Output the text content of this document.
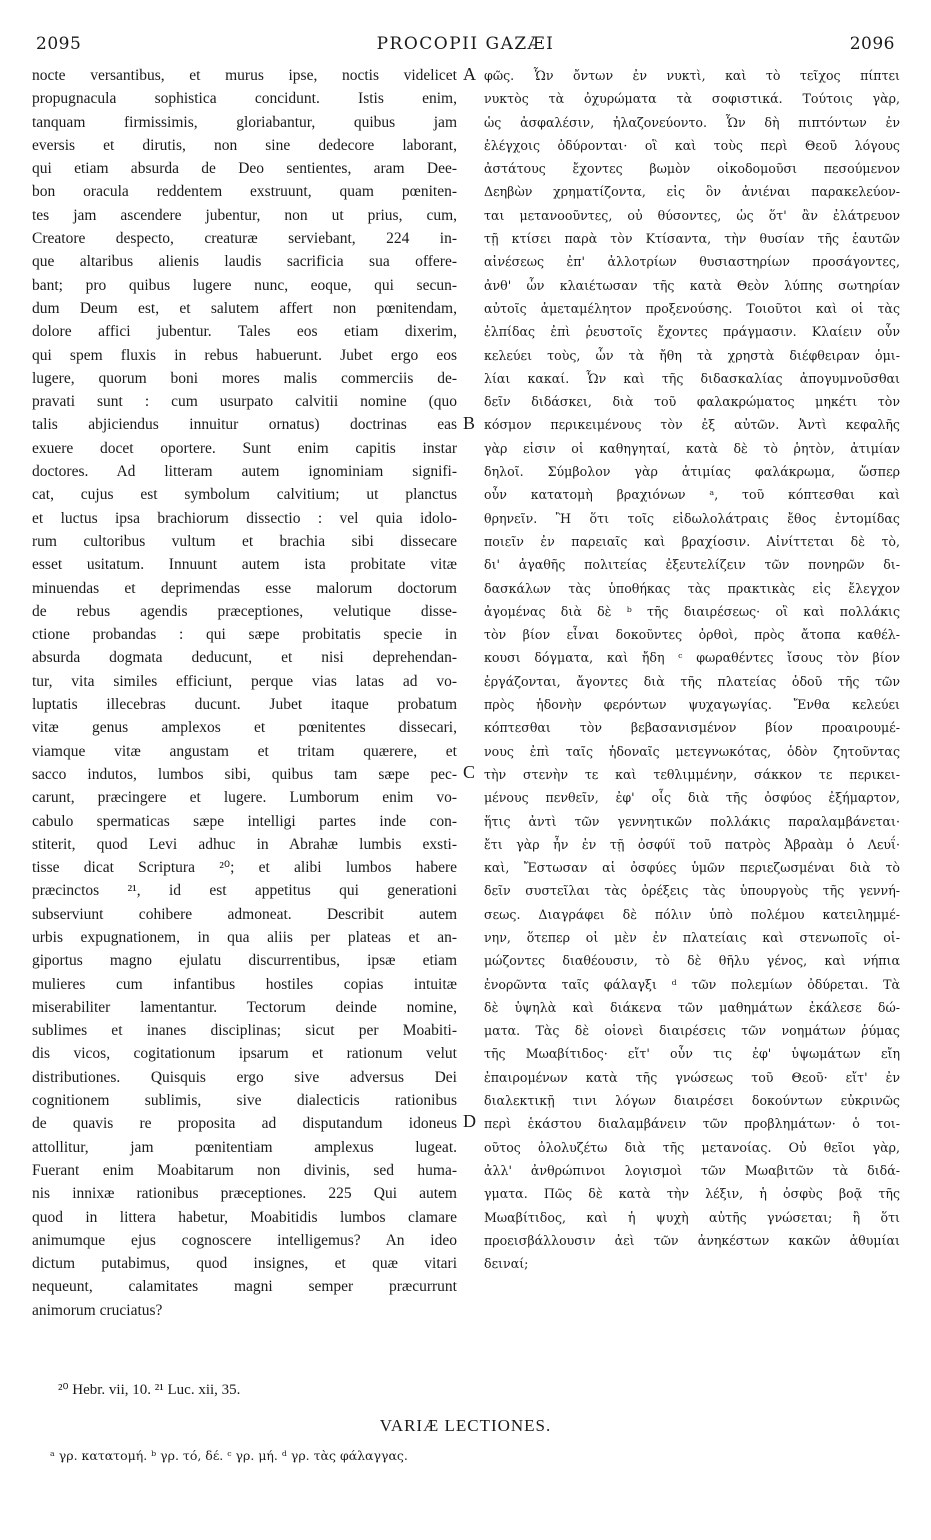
2095	PROCOPII GAZÆI	2096
nocte versantibus, et murus ipse, noctis videlicet
propugnacula sophistica concidunt. Istis enim,
tanquam firmissimis, gloriabantur, quibus jam
eversis et dirutis, non sine dedecore laborant,
qui etiam absurda de Deo sentientes, aram Dee-
bon oracula reddentem exstruunt, quam pœniten-
tes jam ascendere jubentur, non ut prius, cum,
Creatore despecto, creaturæ serviebant, 224 in-
que altaribus alienis laudis sacrificia sua offere-
bant; pro quibus lugere nunc, eoque, qui secun-
dum Deum est, et salutem affert non pœnitendam,
dolore affici jubentur. Tales eos etiam dixerim,
qui spem fluxis in rebus habuerunt. Jubet ergo eos
lugere, quorum boni mores malis commerciis de-
pravati sunt : cum usurpato calvitii nomine (quo
talis abjiciendus innuitur ornatus) doctrinas eas
exuere docet oportere. Sunt enim capitis instar
doctores. Ad litteram autem ignominiam signifi-
cat, cujus est symbolum calvitium; ut planctus
et luctus ipsa brachiorum dissectio : vel quia idolo-
rum cultoribus vultum et brachia sibi dissecare
esset usitatum. Innuunt autem ista probitate vitæ
minuendas et deprimendas esse malorum doctorum
de rebus agendis præceptiones, velutique disse-
ctione probandas : qui sæpe probitatis specie in
absurda dogmata deducunt, et nisi deprehendan-
tur, vita similes efficiunt, perque vias latas ad vo-
luptatis illecebras ducunt. Jubet itaque probatum
vitæ genus amplexos et pœnitentes dissecari,
viamque vitæ angustam et tritam quærere, et
sacco indutos, lumbos sibi, quibus tam sæpe pec-
carunt, præcingere et lugere. Lumborum enim vo-
cabulo spermaticas sæpe intelligi partes inde con-
stiterit, quod Levi adhuc in Abrahæ lumbis exsti-
tisse dicat Scriptura ²⁰; et alibi lumbos habere
præcinctos ²¹, id est appetitus qui generationi
subserviunt cohibere admoneat. Describit autem
urbis expugnationem, in qua aliis per plateas et an-
giportus magno ejulatu discurrentibus, ipsæ etiam
mulieres cum infantibus hostiles copias intuitæ
miserabiliter lamentantur. Tectorum deinde nomine,
sublimes et inanes disciplinas; sicut per Moabiti-
dis vicos, cogitationum ipsarum et rationum velut
distributiones. Quisquis ergo sive adversus Dei
cognitionem sublimis, sive dialecticis rationibus
de quavis re proposita ad disputandum idoneus
attollitur, jam pœnitentiam amplexus lugeat.
Fuerant enim Moabitarum non divinis, sed huma-
nis innixæ rationibus præceptiones. 225 Qui autem
quod in littera habetur, Moabitidis lumbos clamare
animumque ejus cognoscere intelligemus? An ideo
dictum putabimus, quod insignes, et quæ vitari
nequeunt, calamitates magni semper præcurrunt
animorum cruciatus?
φῶς. Ὧν ὄντων ἐν νυκτὶ, καὶ τὸ τεῖχος πίπτει
νυκτὸς τὰ ὀχυρώματα τὰ σοφιστικά. Τούτοις γὰρ,
ὡς ἀσφαλέσιν, ἠλαζονεύοντο. Ὧν δὴ πιπτόντων ἐν
ἐλέγχοις ὀδύρονται· οἳ καὶ τοὺς περὶ Θεοῦ λόγους
ἀστάτους ἔχοντες βωμὸν οἰκοδομοῦσι πεσούμενον
Δεηβὼν χρηματίζοντα, εἰς ὃν ἀνιέναι παρακελεύον-
ται μετανοοῦντες, οὐ θύσοντες, ὡς ὅτ' ἂν ἐλάτρευον
τῇ κτίσει παρὰ τὸν Κτίσαντα, τὴν θυσίαν τῆς ἑαυτῶν
αἰνέσεως ἐπ' ἀλλοτρίων θυσιαστηρίων προσάγοντες,
ἀνθ' ὧν κλαιέτωσαν τῆς κατὰ Θεὸν λύπης σωτηρίαν
αὐτοῖς ἀμεταμέλητον προξενούσης. Τοιοῦτοι καὶ οἱ τὰς
ἐλπίδας ἐπὶ ῥευστοῖς ἔχοντες πράγμασιν. Κλαίειν οὖν
κελεύει τοὺς, ὧν τὰ ἤθη τὰ χρηστὰ διέφθειραν ὁμι-
λίαι κακαί. Ὧν καὶ τῆς διδασκαλίας ἀπογυμνοῦσθαι
δεῖν διδάσκει, διὰ τοῦ φαλακρώματος μηκέτι τὸν
κόσμον περικειμένους τὸν ἐξ αὐτῶν. Ἀντὶ κεφαλῆς
γὰρ εἰσιν οἱ καθηγηταί, κατὰ δὲ τὸ ῥητὸν, ἀτιμίαν
δηλοῖ. Σύμβολον γὰρ ἀτιμίας φαλάκρωμα, ὥσπερ
οὖν κατατομὴ βραχιόνων ᵃ, τοῦ κόπτεσθαι καὶ
θρηνεῖν. Ἢ ὅτι τοῖς εἰδωλολάτραις ἔθος ἐντομίδας
ποιεῖν ἐν παρειαῖς καὶ βραχίοσιν. Αἰνίττεται δὲ τὸ,
δι' ἀγαθῆς πολιτείας ἐξευτελίζειν τῶν πονηρῶν δι-
δασκάλων τὰς ὑποθήκας τὰς πρακτικὰς εἰς ἔλεγχον
ἀγομένας διὰ δὲ ᵇ τῆς διαιρέσεως· οἳ καὶ πολλάκις
τὸν βίον εἶναι δοκοῦντες ὀρθοὶ, πρὸς ἄτοπα καθέλ-
κουσι δόγματα, καὶ ἤδη ᶜ φωραθέντες ἴσους τὸν βίον
ἐργάζονται, ἄγοντες διὰ τῆς πλατείας ὁδοῦ τῆς τῶν
πρὸς ἡδονὴν φερόντων ψυχαγωγίας. Ἔνθα κελεύει
κόπτεσθαι τὸν βεβασανισμένον βίον προαιρουμέ-
νους ἐπὶ ταῖς ἡδοναῖς μετεγνωκότας, ὁδὸν ζητοῦντας
τὴν στενὴν τε καὶ τεθλιμμένην, σάκκον τε περικει-
μένους πενθεῖν, ἐφ' οἷς διὰ τῆς ὀσφύος ἐξήμαρτον,
ἥτις ἀντὶ τῶν γεννητικῶν πολλάκις παραλαμβάνεται·
ἔτι γὰρ ἦν ἐν τῇ ὀσφύϊ τοῦ πατρὸς Ἀβραὰμ ὁ Λευΐ·
καὶ, Ἔστωσαν αἱ ὀσφύες ὑμῶν περιεζωσμέναι διὰ τὸ
δεῖν συστεῖλαι τὰς ὀρέξεις τὰς ὑπουργοὺς τῆς γεννή-
σεως. Διαγράφει δὲ πόλιν ὑπὸ πολέμου κατειλημμέ-
νην, ὅτεπερ οἱ μὲν ἐν πλατείαις καὶ στενωποῖς οἰ-
μώζοντες διαθέουσιν, τὸ δὲ θῆλυ γένος, καὶ νήπια
ἐνορῶντα ταῖς φάλαγξι ᵈ τῶν πολεμίων ὀδύρεται. Τὰ
δὲ ὑψηλὰ καὶ διάκενα τῶν μαθημάτων ἐκάλεσε δώ-
ματα. Τὰς δὲ οἱονεὶ διαιρέσεις τῶν νοημάτων ῥύμας
τῆς Μωαβίτιδος· εἴτ' οὖν τις ἐφ' ὑψωμάτων εἴη
ἐπαιρομένων κατὰ τῆς γνώσεως τοῦ Θεοῦ· εἴτ' ἐν
διαλεκτικῇ τινι λόγων διαιρέσει δοκούντων εὐκρινῶς
περὶ ἑκάστου διαλαμβάνειν τῶν προβλημάτων· ὁ τοι-
οῦτος ὀλολυζέτω διὰ τῆς μετανοίας. Οὐ θεῖοι γὰρ,
ἀλλ' ἀνθρώπινοι λογισμοὶ τῶν Μωαβιτῶν τὰ διδά-
γματα. Πῶς δὲ κατὰ τὴν λέξιν, ἡ ὀσφὺς βοᾷ τῆς
Μωαβίτιδος, καὶ ἡ ψυχὴ αὐτῆς γνώσεται; ἢ ὅτι
προεισβάλλουσιν ἀεὶ τῶν ἀνηκέστων κακῶν ἀθυμίαι
δειναί;
A
B
C
D
²⁰ Hebr. vii, 10. ²¹ Luc. xii, 35.
VARIÆ LECTIONES.
ᵃ γρ. κατατομή. ᵇ γρ. τό, δέ. ᶜ γρ. μή. ᵈ γρ. τὰς φάλαγγας.
